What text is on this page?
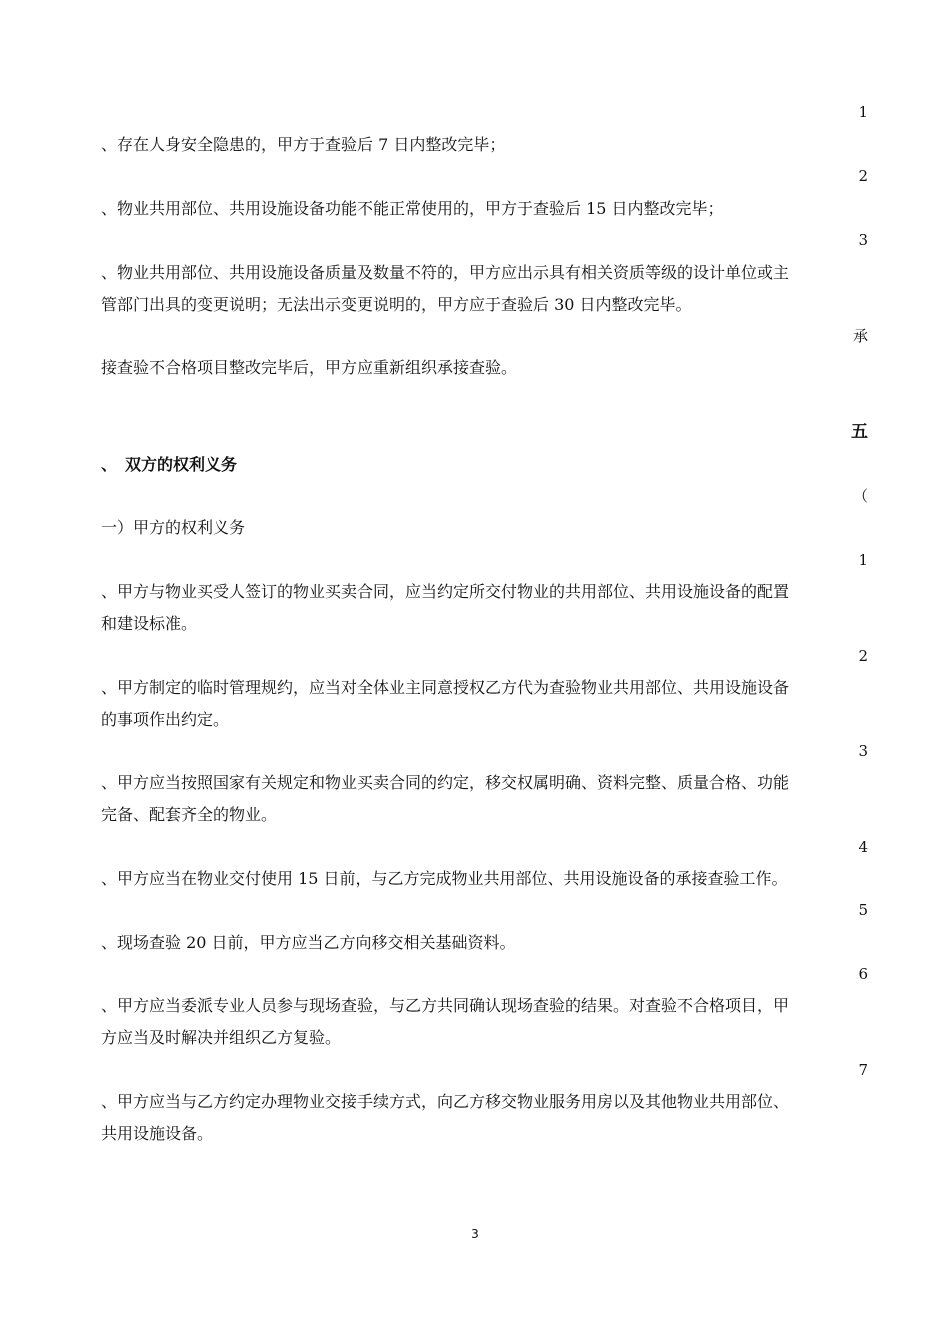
1
、存在人身安全隐患的，甲方于查验后 7 日内整改完毕；
2
、物业共用部位、共用设施设备功能不能正常使用的，甲方于查验后 15 日内整改完毕；
3
、物业共用部位、共用设施设备质量及数量不符的，甲方应出示具有相关资质等级的设计单位或主
管部门出具的变更说明；无法出示变更说明的，甲方应于查验后 30 日内整改完毕。
承
接查验不合格项目整改完毕后，甲方应重新组织承接查验。
五
、　双方的权利义务
（
一）甲方的权利义务
1
、甲方与物业买受人签订的物业买卖合同，应当约定所交付物业的共用部位、共用设施设备的配置
和建设标准。
2
、甲方制定的临时管理规约，应当对全体业主同意授权乙方代为查验物业共用部位、共用设施设备
的事项作出约定。
3
、甲方应当按照国家有关规定和物业买卖合同的约定，移交权属明确、资料完整、质量合格、功能
完备、配套齐全的物业。
4
、甲方应当在物业交付使用 15 日前，与乙方完成物业共用部位、共用设施设备的承接查验工作。
5
、现场查验 20 日前，甲方应当乙方向移交相关基础资料。
6
、甲方应当委派专业人员参与现场查验，与乙方共同确认现场查验的结果。对查验不合格项目，甲
方应当及时解决并组织乙方复验。
7
、甲方应当与乙方约定办理物业交接手续方式，向乙方移交物业服务用房以及其他物业共用部位、
共用设施设备。
3
